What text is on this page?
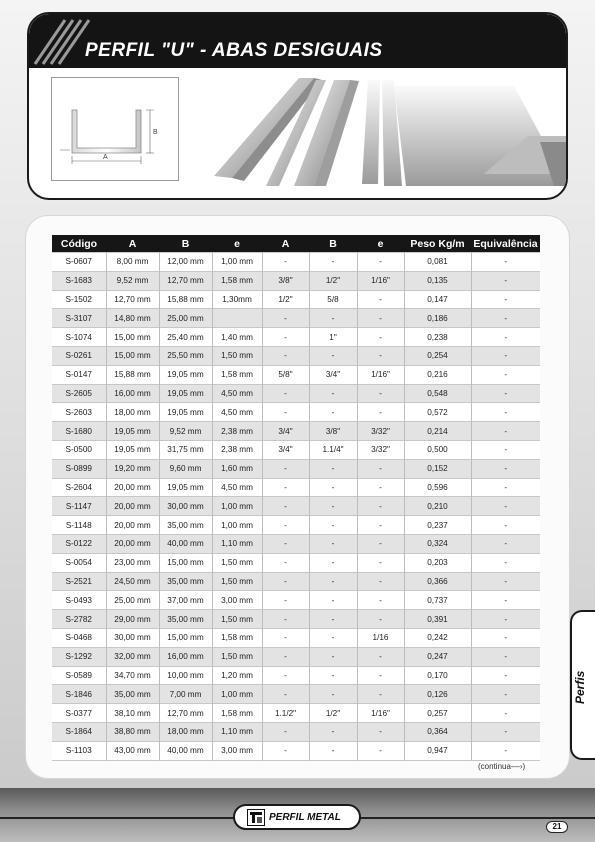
PERFIL "U" - ABAS DESIGUAIS
A
B
Código	A	B	e	A	B	e	Peso Kg/m	Equivalência
S-0607	8,00 mm	12,00 mm	1,00 mm	-	-	-	0,081	-
S-1683	9,52 mm	12,70 mm	1,58 mm	3/8"	1/2"	1/16"	0,135	-
S-1502	12,70 mm	15,88 mm	1,30mm	1/2"	5/8	-	0,147	-
S-3107	14,80 mm	25,00 mm		-	-	-	0,186	-
S-1074	15,00 mm	25,40 mm	1,40 mm	-	1"	-	0,238	-
S-0261	15,00 mm	25,50 mm	1,50 mm	-	-	-	0,254	-
S-0147	15,88 mm	19,05 mm	1,58 mm	5/8"	3/4"	1/16"	0,216	-
S-2605	16,00 mm	19,05 mm	4,50 mm	-	-	-	0,548	-
S-2603	18,00 mm	19,05 mm	4,50 mm	-	-	-	0,572	-
S-1680	19,05 mm	9,52 mm	2,38 mm	3/4"	3/8"	3/32"	0,214	-
S-0500	19,05 mm	31,75 mm	2,38 mm	3/4"	1.1/4"	3/32"	0,500	-
S-0899	19,20 mm	9,60 mm	1,60 mm	-	-	-	0,152	-
S-2604	20,00 mm	19,05 mm	4,50 mm	-	-	-	0,596	-
S-1147	20,00 mm	30,00 mm	1,00 mm	-	-	-	0,210	-
S-1148	20,00 mm	35,00 mm	1,00 mm	-	-	-	0,237	-
S-0122	20,00 mm	40,00 mm	1,10 mm	-	-	-	0,324	-
S-0054	23,00 mm	15,00 mm	1,50 mm	-	-	-	0,203	-
S-2521	24,50 mm	35,00 mm	1,50 mm	-	-	-	0,366	-
S-0493	25,00 mm	37,00 mm	3,00 mm	-	-	-	0,737	-
S-2782	29,00 mm	35,00 mm	1,50 mm	-	-	-	0,391	-
S-0468	30,00 mm	15,00 mm	1,58 mm	-	-	1/16	0,242	-
S-1292	32,00 mm	16,00 mm	1,50 mm	-	-	-	0,247	-
S-0589	34,70 mm	10,00 mm	1,20 mm	-	-	-	0,170	-
S-1846	35,00 mm	7,00 mm	1,00 mm	-	-	-	0,126	-
S-0377	38,10 mm	12,70 mm	1,58 mm	1.1/2"	1/2"	1/16"	0,257	-
S-1864	38,80 mm	18,00 mm	1,10 mm	-	-	-	0,364	-
S-1103	43,00 mm	40,00 mm	3,00 mm	-	-	-	0,947	-
(continua––›)
Perfis
PERFIL METAL
21
